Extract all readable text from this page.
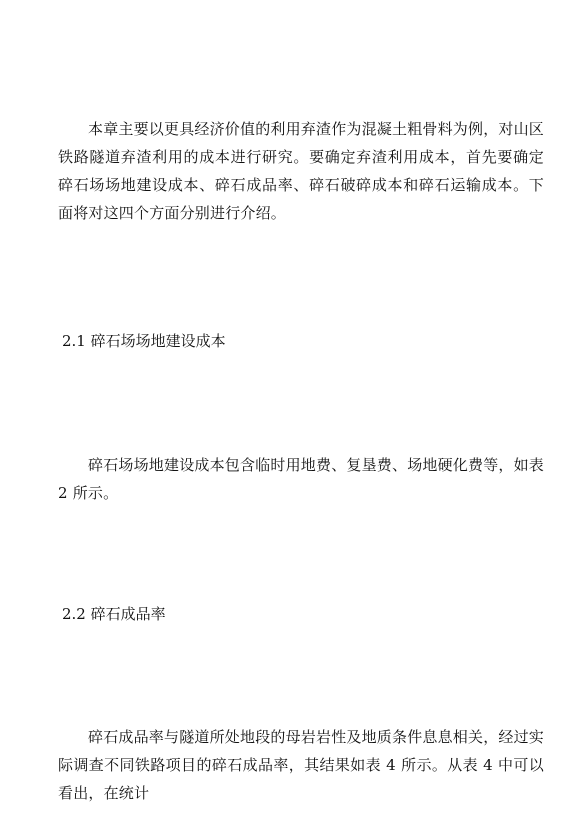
本章主要以更具经济价值的利用弃渣作为混凝土粗骨料为例，对山区铁路隧道弃渣利用的成本进行研究。要确定弃渣利用成本，首先要确定碎石场场地建设成本、碎石成品率、碎石破碎成本和碎石运输成本。下面将对这四个方面分别进行介绍。

2.1 碎石场场地建设成本

碎石场场地建设成本包含临时用地费、复垦费、场地硬化费等，如表 2 所示。

2.2 碎石成品率

碎石成品率与隧道所处地段的母岩岩性及地质条件息息相关，经过实际调查不同铁路项目的碎石成品率，其结果如表 4 所示。从表 4 中可以看出，在统计
